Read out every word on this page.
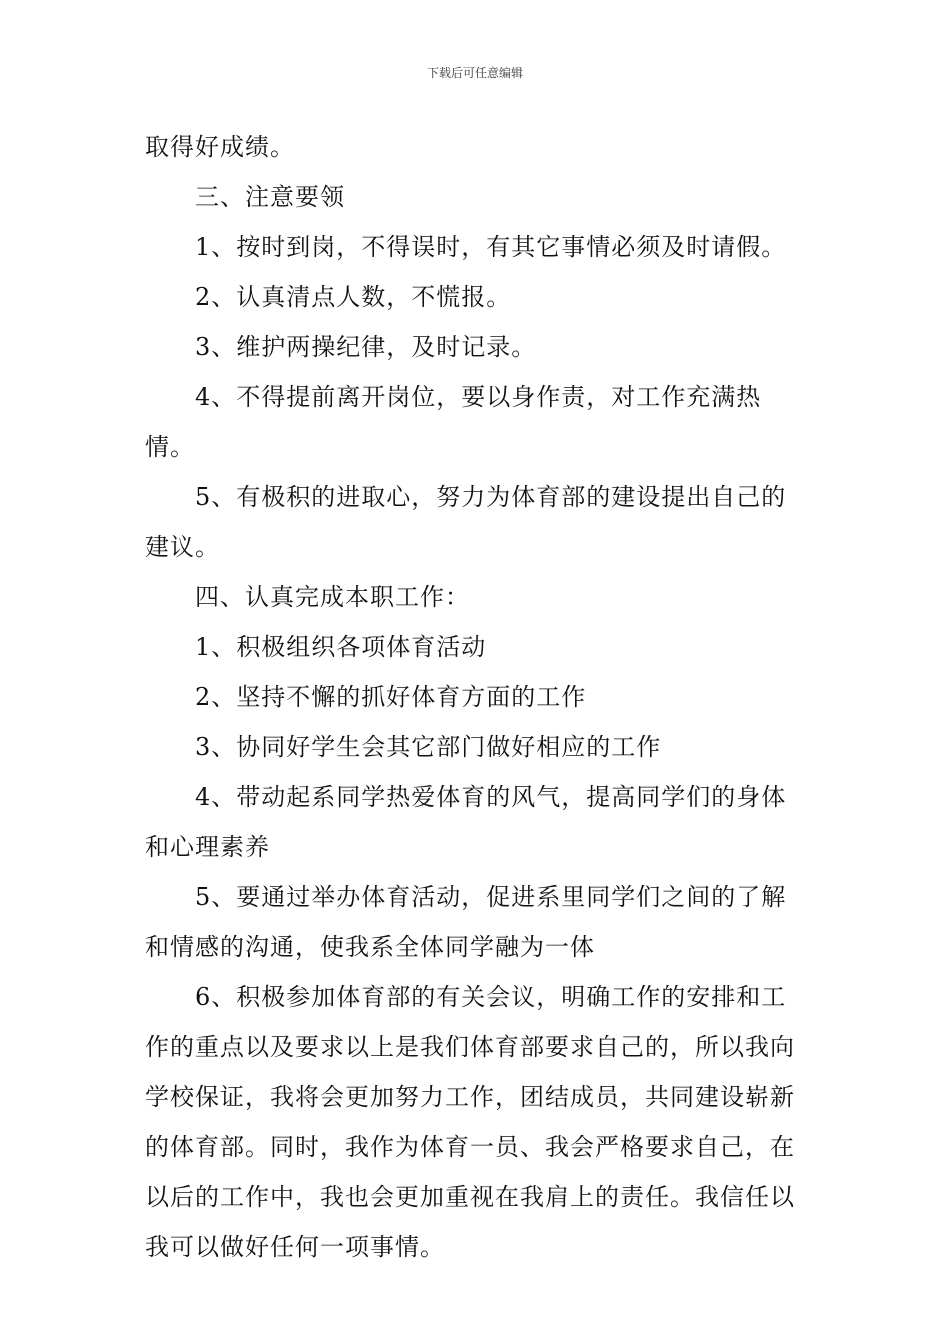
下载后可任意编辑

取得好成绩。

三、注意要领

1、按时到岗，不得误时，有其它事情必须及时请假。

2、认真清点人数，不慌报。

3、维护两操纪律，及时记录。

4、不得提前离开岗位，要以身作责，对工作充满热情。

5、有极积的进取心，努力为体育部的建设提出自己的建议。

四、认真完成本职工作：

1、积极组织各项体育活动

2、坚持不懈的抓好体育方面的工作

3、协同好学生会其它部门做好相应的工作

4、带动起系同学热爱体育的风气，提高同学们的身体和心理素养

5、要通过举办体育活动，促进系里同学们之间的了解和情感的沟通，使我系全体同学融为一体

6、积极参加体育部的有关会议，明确工作的安排和工作的重点以及要求以上是我们体育部要求自己的，所以我向学校保证，我将会更加努力工作，团结成员，共同建设崭新的体育部。同时，我作为体育一员、我会严格要求自己，在以后的工作中，我也会更加重视在我肩上的责任。我信任以我可以做好任何一项事情。
